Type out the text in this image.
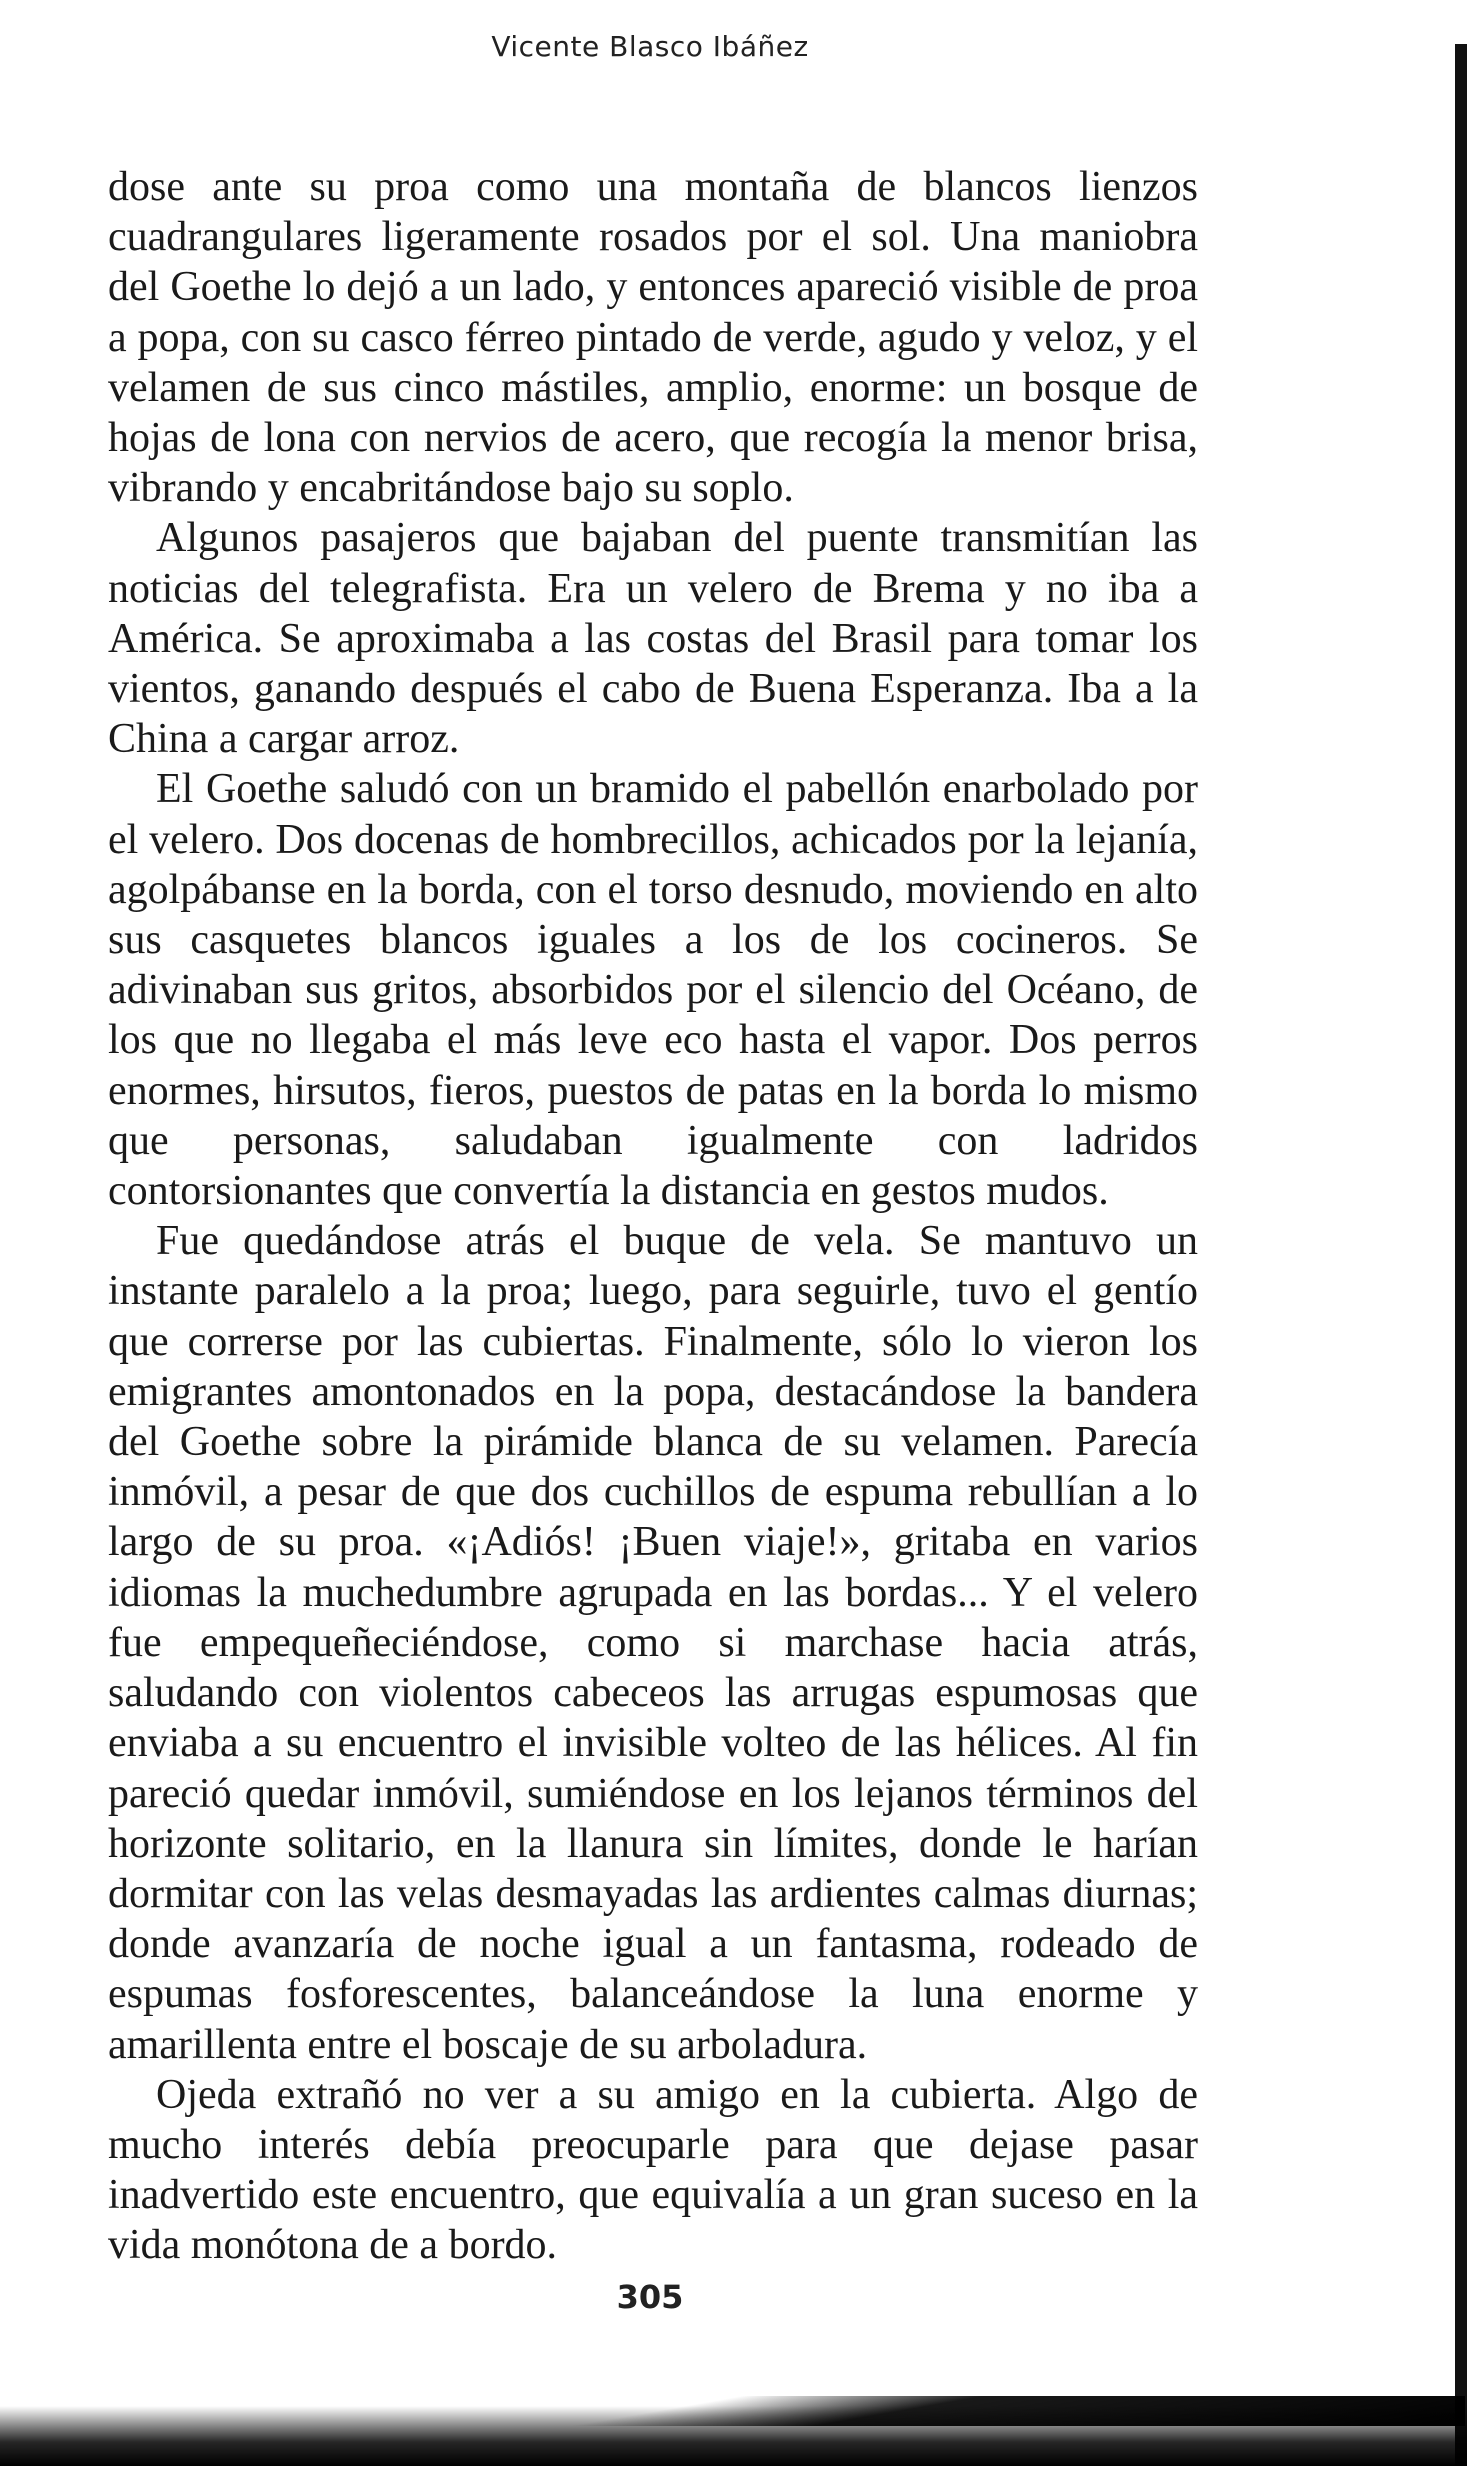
Vicente Blasco Ibáñez

dose ante su proa como una montaña de blancos lienzos cuadrangulares ligeramente rosados por el sol. Una maniobra del Goethe lo dejó a un lado, y entonces apareció visible de proa a popa, con su casco férreo pintado de verde, agudo y veloz, y el velamen de sus cinco mástiles, amplio, enorme: un bosque de hojas de lona con nervios de acero, que recogía la menor brisa, vibrando y encabritándose bajo su soplo.

Algunos pasajeros que bajaban del puente transmitían las noticias del telegrafista. Era un velero de Brema y no iba a América. Se aproximaba a las costas del Brasil para tomar los vientos, ganando después el cabo de Buena Esperanza. Iba a la China a cargar arroz.

El Goethe saludó con un bramido el pabellón enarbolado por el velero. Dos docenas de hombrecillos, achicados por la lejanía, agolpábanse en la borda, con el torso desnudo, moviendo en alto sus casquetes blancos iguales a los de los cocineros. Se adivinaban sus gritos, absorbidos por el silencio del Océano, de los que no llegaba el más leve eco hasta el vapor. Dos perros enormes, hirsutos, fieros, puestos de patas en la borda lo mismo que personas, saludaban igualmente con ladridos contorsionantes que convertía la distancia en gestos mudos.

Fue quedándose atrás el buque de vela. Se mantuvo un instante paralelo a la proa; luego, para seguirle, tuvo el gentío que correrse por las cubiertas. Finalmente, sólo lo vieron los emigrantes amontonados en la popa, destacándose la bandera del Goethe sobre la pirámide blanca de su velamen. Parecía inmóvil, a pesar de que dos cuchillos de espuma rebullían a lo largo de su proa. «¡Adiós! ¡Buen viaje!», gritaba en varios idiomas la muchedumbre agrupada en las bordas... Y el velero fue empequeñeciéndose, como si marchase hacia atrás, saludando con violentos cabeceos las arrugas espumosas que enviaba a su encuentro el invisible volteo de las hélices. Al fin pareció quedar inmóvil, sumiéndose en los lejanos términos del horizonte solitario, en la llanura sin límites, donde le harían dormitar con las velas desmayadas las ardientes calmas diurnas; donde avanzaría de noche igual a un fantasma, rodeado de espumas fosforescentes, balanceándose la luna enorme y amarillenta entre el boscaje de su arboladura.

Ojeda extrañó no ver a su amigo en la cubierta. Algo de mucho interés debía preocuparle para que dejase pasar inadvertido este encuentro, que equivalía a un gran suceso en la vida monótona de a bordo.

305
